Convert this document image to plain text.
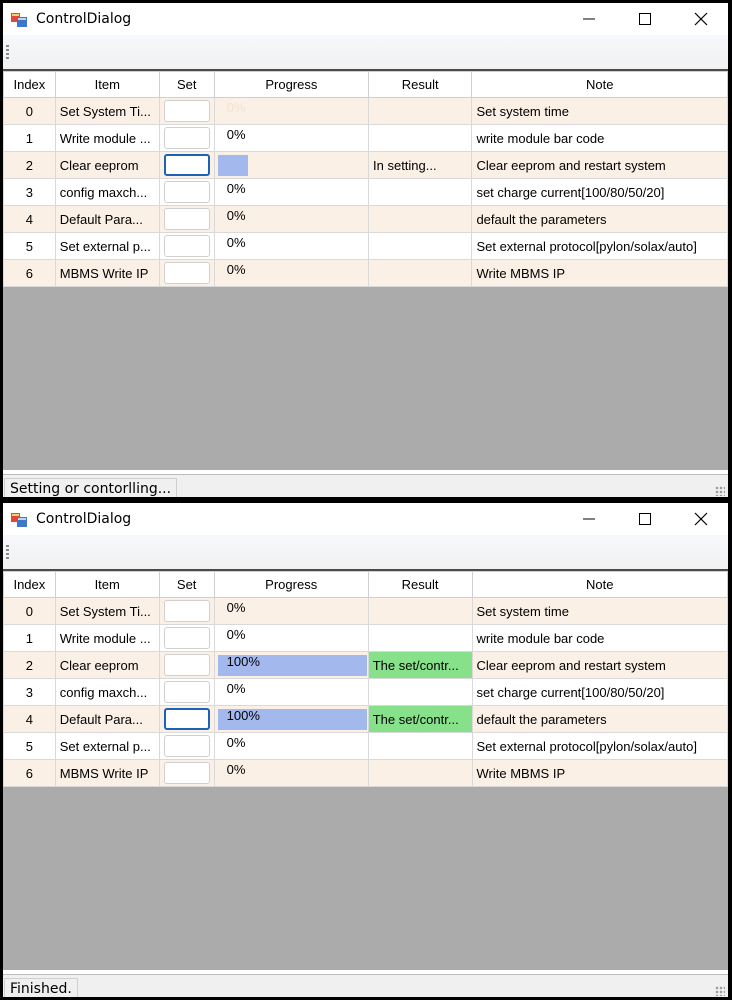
ControlDialog
Index	Item	Set	Progress	Result	Note
0	Set System Ti...		0%		Set system time
1	Write module ...		0%		write module bar code
2	Clear eeprom			In setting...	Clear eeprom and restart system
3	config maxch...		0%		set charge current[100/80/50/20]
4	Default Para...		0%		default the parameters
5	Set external p...		0%		Set external protocol[pylon/solax/auto]
6	MBMS Write IP		0%		Write MBMS IP
Setting or contorlling...
ControlDialog
Index	Item	Set	Progress	Result	Note
0	Set System Ti...		0%		Set system time
1	Write module ...		0%		write module bar code
2	Clear eeprom		100%	The set/contr...	Clear eeprom and restart system
3	config maxch...		0%		set charge current[100/80/50/20]
4	Default Para...		100%	The set/contr...	default the parameters
5	Set external p...		0%		Set external protocol[pylon/solax/auto]
6	MBMS Write IP		0%		Write MBMS IP
Finished.
